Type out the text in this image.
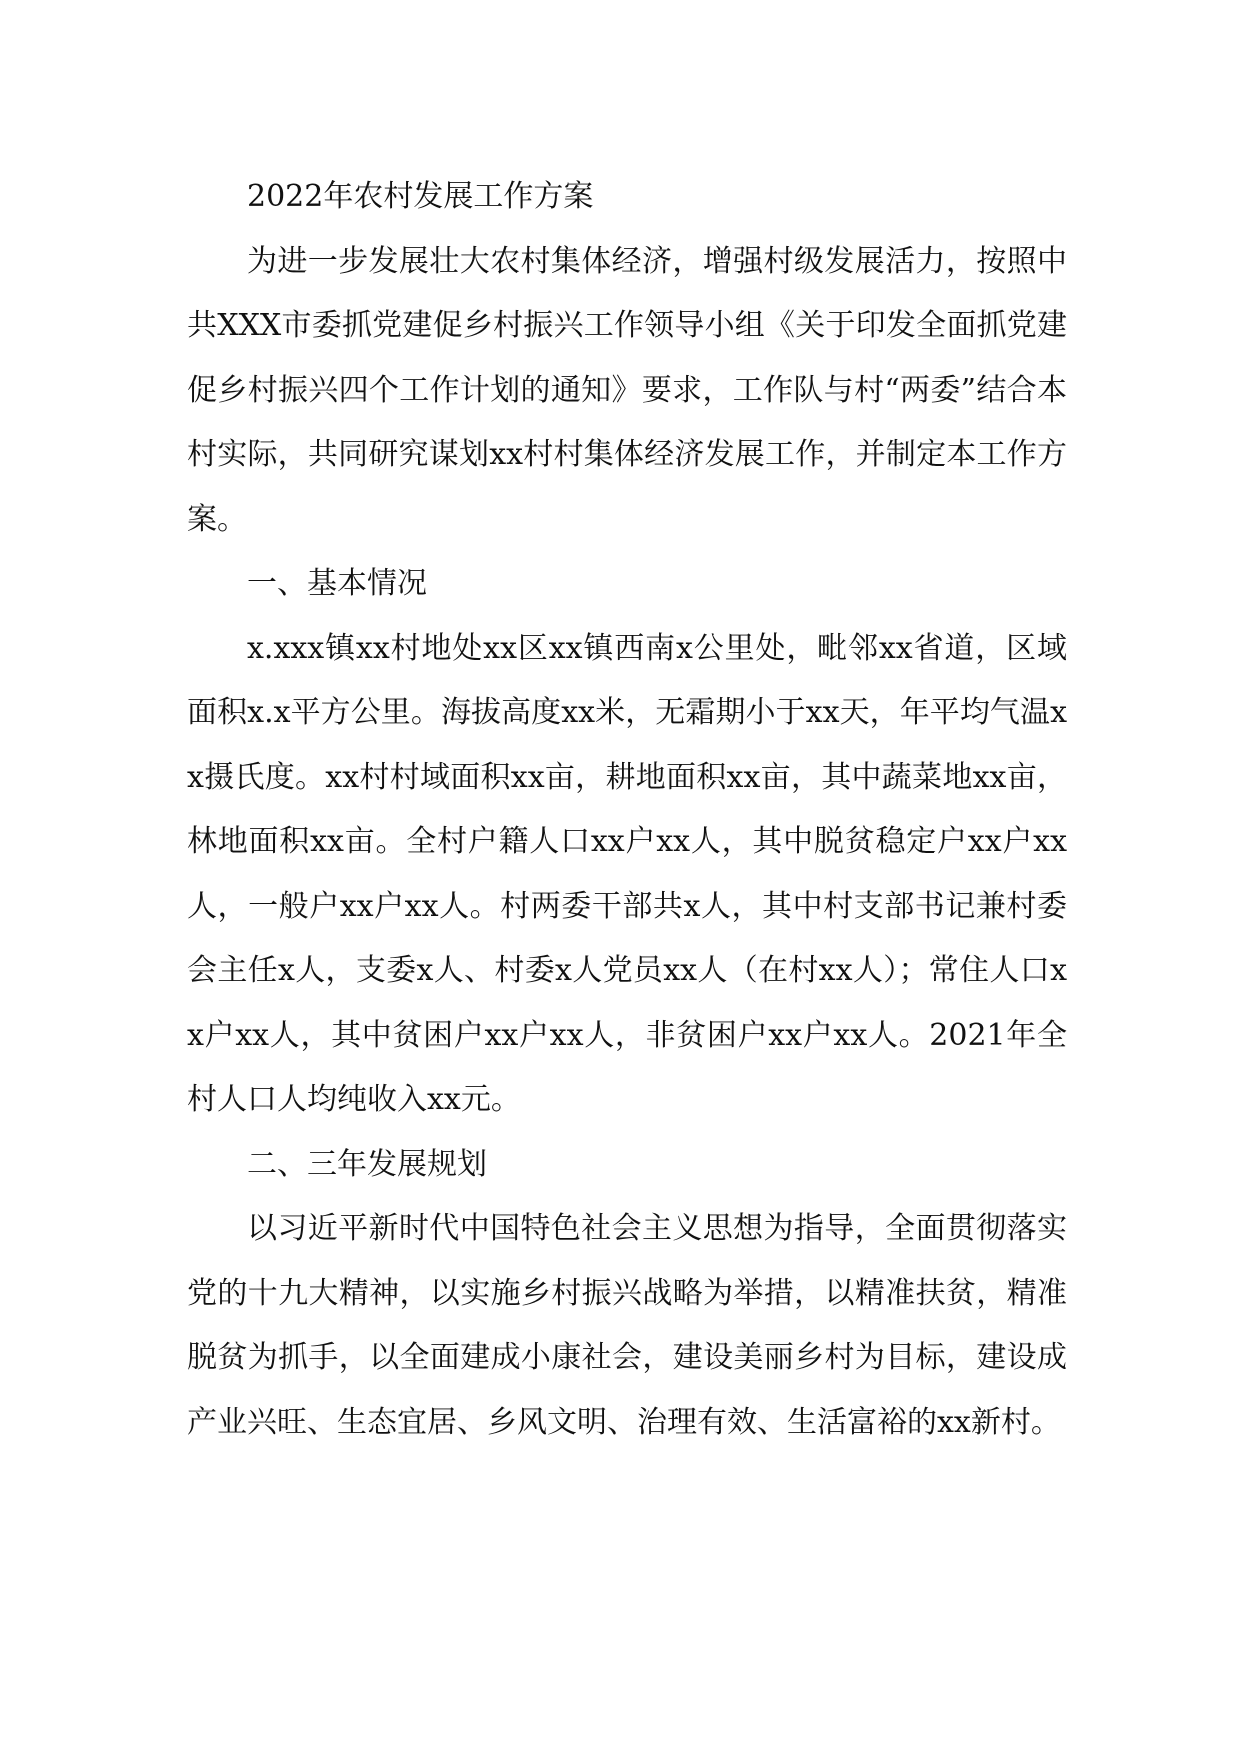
2022年农村发展工作方案

为进一步发展壮大农村集体经济，增强村级发展活力，按照中共XXX市委抓党建促乡村振兴工作领导小组《关于印发全面抓党建促乡村振兴四个工作计划的通知》要求，工作队与村“两委”结合本村实际，共同研究谋划xx村村集体经济发展工作，并制定本工作方案。

一、基本情况

x.xxx镇xx村地处xx区xx镇西南x公里处，毗邻xx省道，区域面积x.x平方公里。海拔高度xx米，无霜期小于xx天，年平均气温xx摄氏度。xx村村域面积xx亩，耕地面积xx亩，其中蔬菜地xx亩，林地面积xx亩。全村户籍人口xx户xx人，其中脱贫稳定户xx户xx人，一般户xx户xx人。村两委干部共x人，其中村支部书记兼村委会主任x人，支委x人、村委x人党员xx人（在村xx人）；常住人口xx户xx人，其中贫困户xx户xx人，非贫困户xx户xx人。2021年全村人口人均纯收入xx元。

二、三年发展规划

以习近平新时代中国特色社会主义思想为指导，全面贯彻落实党的十九大精神，以实施乡村振兴战略为举措，以精准扶贫，精准脱贫为抓手，以全面建成小康社会，建设美丽乡村为目标，建设成产业兴旺、生态宜居、乡风文明、治理有效、生活富裕的xx新村。
